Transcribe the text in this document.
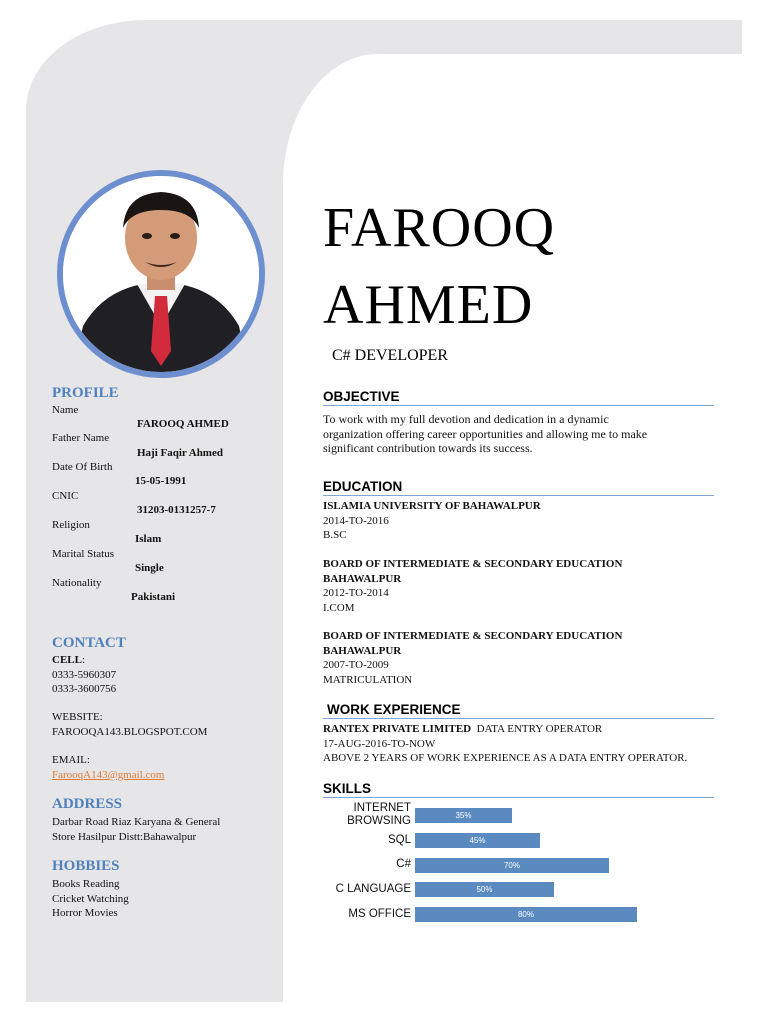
PROFILE
Name
FAROOQ AHMED
Father Name
Haji Faqir Ahmed
Date Of Birth
15-05-1991
CNIC
31203-0131257-7
Religion
Islam
Marital Status
Single
Nationality
Pakistani
CONTACT
CELL:
0333-5960307
0333-3600756
WEBSITE:
FAROOQA143.BLOGSPOT.COM
EMAIL:
FarooqA143@gmail.com
ADDRESS
Darbar Road Riaz Karyana & General
Store Hasilpur Distt:Bahawalpur
HOBBIES
Books Reading
Cricket Watching
Horror Movies
FAROOQ
AHMED
C# DEVELOPER
OBJECTIVE
To work with my full devotion and dedication in a dynamic
organization offering career opportunities and allowing me to make
significant contribution towards its success.
EDUCATION
ISLAMIA UNIVERSITY OF BAHAWALPUR
2014-TO-2016
B.SC
BOARD OF INTERMEDIATE & SECONDARY EDUCATION
BAHAWALPUR
2012-TO-2014
I.COM
BOARD OF INTERMEDIATE & SECONDARY EDUCATION
BAHAWALPUR
2007-TO-2009
MATRICULATION
WORK EXPERIENCE
RANTEX PRIVATE LIMITED DATA ENTRY OPERATOR
17-AUG-2016-TO-NOW
ABOVE 2 YEARS OF WORK EXPERIENCE AS A DATA ENTRY OPERATOR.
SKILLS
INTERNET BROWSING	35%
SQL	45%
C#	70%
C LANGUAGE	50%
MS OFFICE	80%
